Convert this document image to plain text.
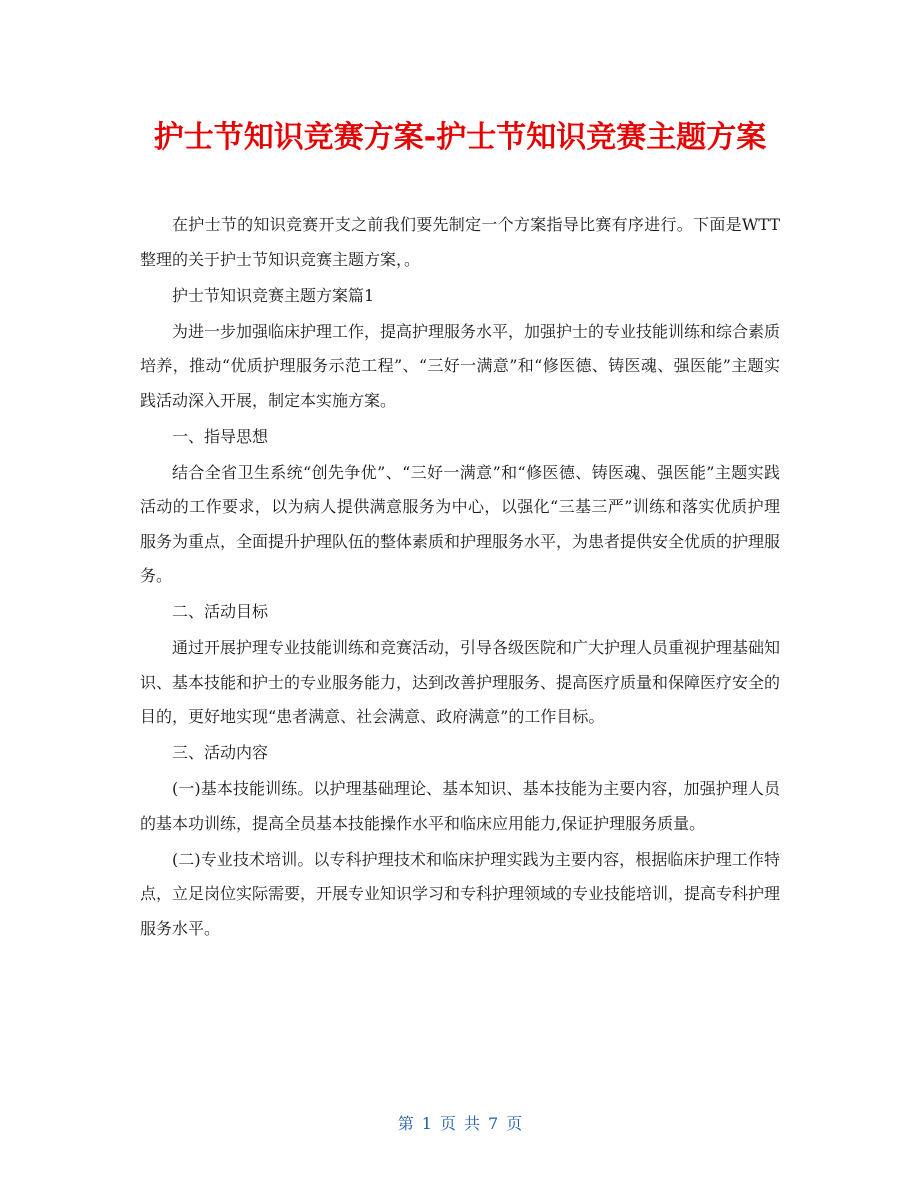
护士节知识竞赛方案-护士节知识竞赛主题方案

在护士节的知识竞赛开支之前我们要先制定一个方案指导比赛有序进行。下面是WTT整理的关于护士节知识竞赛主题方案，。

护士节知识竞赛主题方案篇1

为进一步加强临床护理工作，提高护理服务水平，加强护士的专业技能训练和综合素质培养，推动“优质护理服务示范工程”、“三好一满意”和“修医德、铸医魂、强医能”主题实践活动深入开展，制定本实施方案。

一、指导思想

结合全省卫生系统“创先争优”、“三好一满意”和“修医德、铸医魂、强医能”主题实践活动的工作要求，以为病人提供满意服务为中心，以强化“三基三严”训练和落实优质护理服务为重点，全面提升护理队伍的整体素质和护理服务水平，为患者提供安全优质的护理服务。

二、活动目标

通过开展护理专业技能训练和竞赛活动，引导各级医院和广大护理人员重视护理基础知识、基本技能和护士的专业服务能力，达到改善护理服务、提高医疗质量和保障医疗安全的目的，更好地实现“患者满意、社会满意、政府满意”的工作目标。

三、活动内容

(一)基本技能训练。以护理基础理论、基本知识、基本技能为主要内容，加强护理人员的基本功训练，提高全员基本技能操作水平和临床应用能力,保证护理服务质量。

(二)专业技术培训。以专科护理技术和临床护理实践为主要内容，根据临床护理工作特点，立足岗位实际需要，开展专业知识学习和专科护理领域的专业技能培训，提高专科护理服务水平。

第 1 页 共 7 页
